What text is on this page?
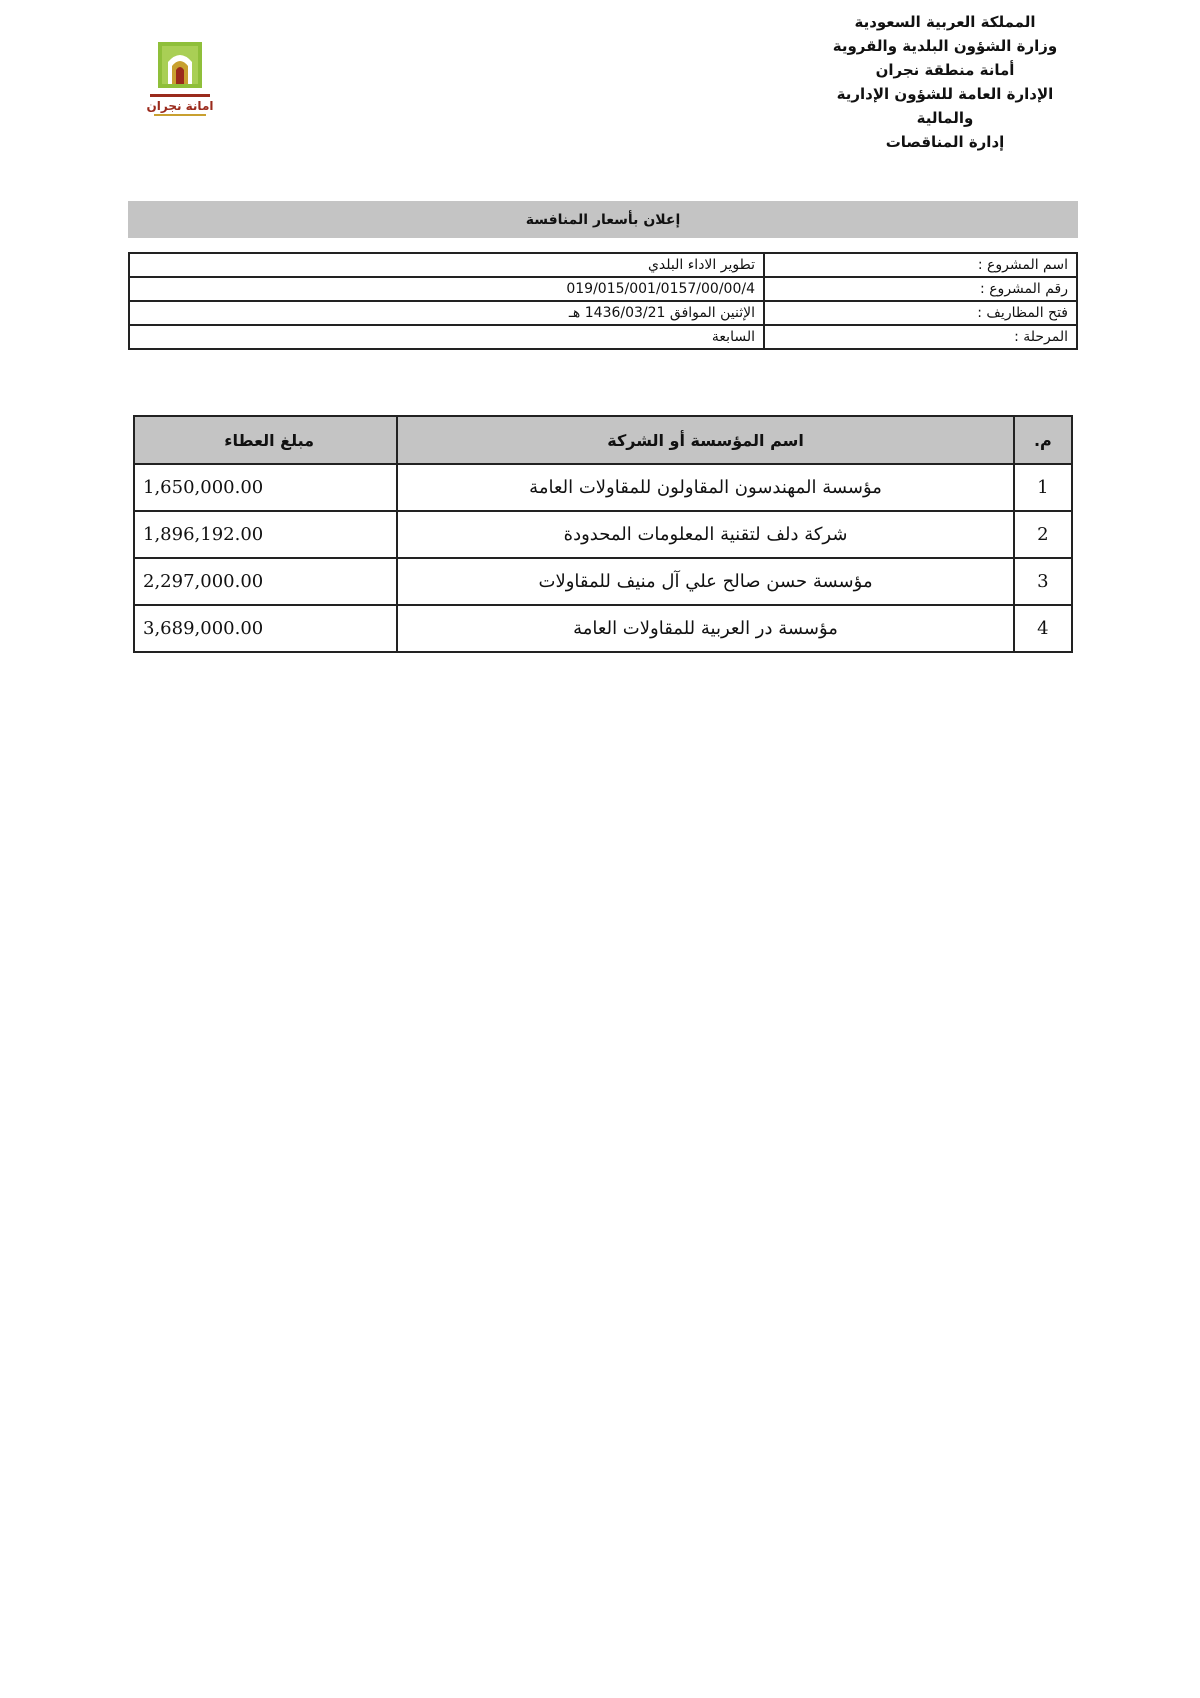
المملكة العربية السعودية
وزارة الشؤون البلدية والقروية
أمانة منطقة نجران
الإدارة العامة للشؤون الإدارية
والمالية
إدارة المناقصات
امانة نجران
إعلان بأسعار المنافسة
اسم المشروع :	تطوير الاداء البلدي
رقم المشروع :	019/015/001/0157/00/00/4
فتح المظاريف :	الإثنين الموافق 1436/03/21 هـ
المرحلة :	السابعة
م.	اسم المؤسسة أو الشركة	مبلغ العطاء
1	مؤسسة المهندسون المقاولون للمقاولات العامة	1,650,000.00
2	شركة دلف لتقنية المعلومات المحدودة	1,896,192.00
3	مؤسسة حسن صالح علي آل منيف للمقاولات	2,297,000.00
4	مؤسسة در العربية للمقاولات العامة	3,689,000.00
